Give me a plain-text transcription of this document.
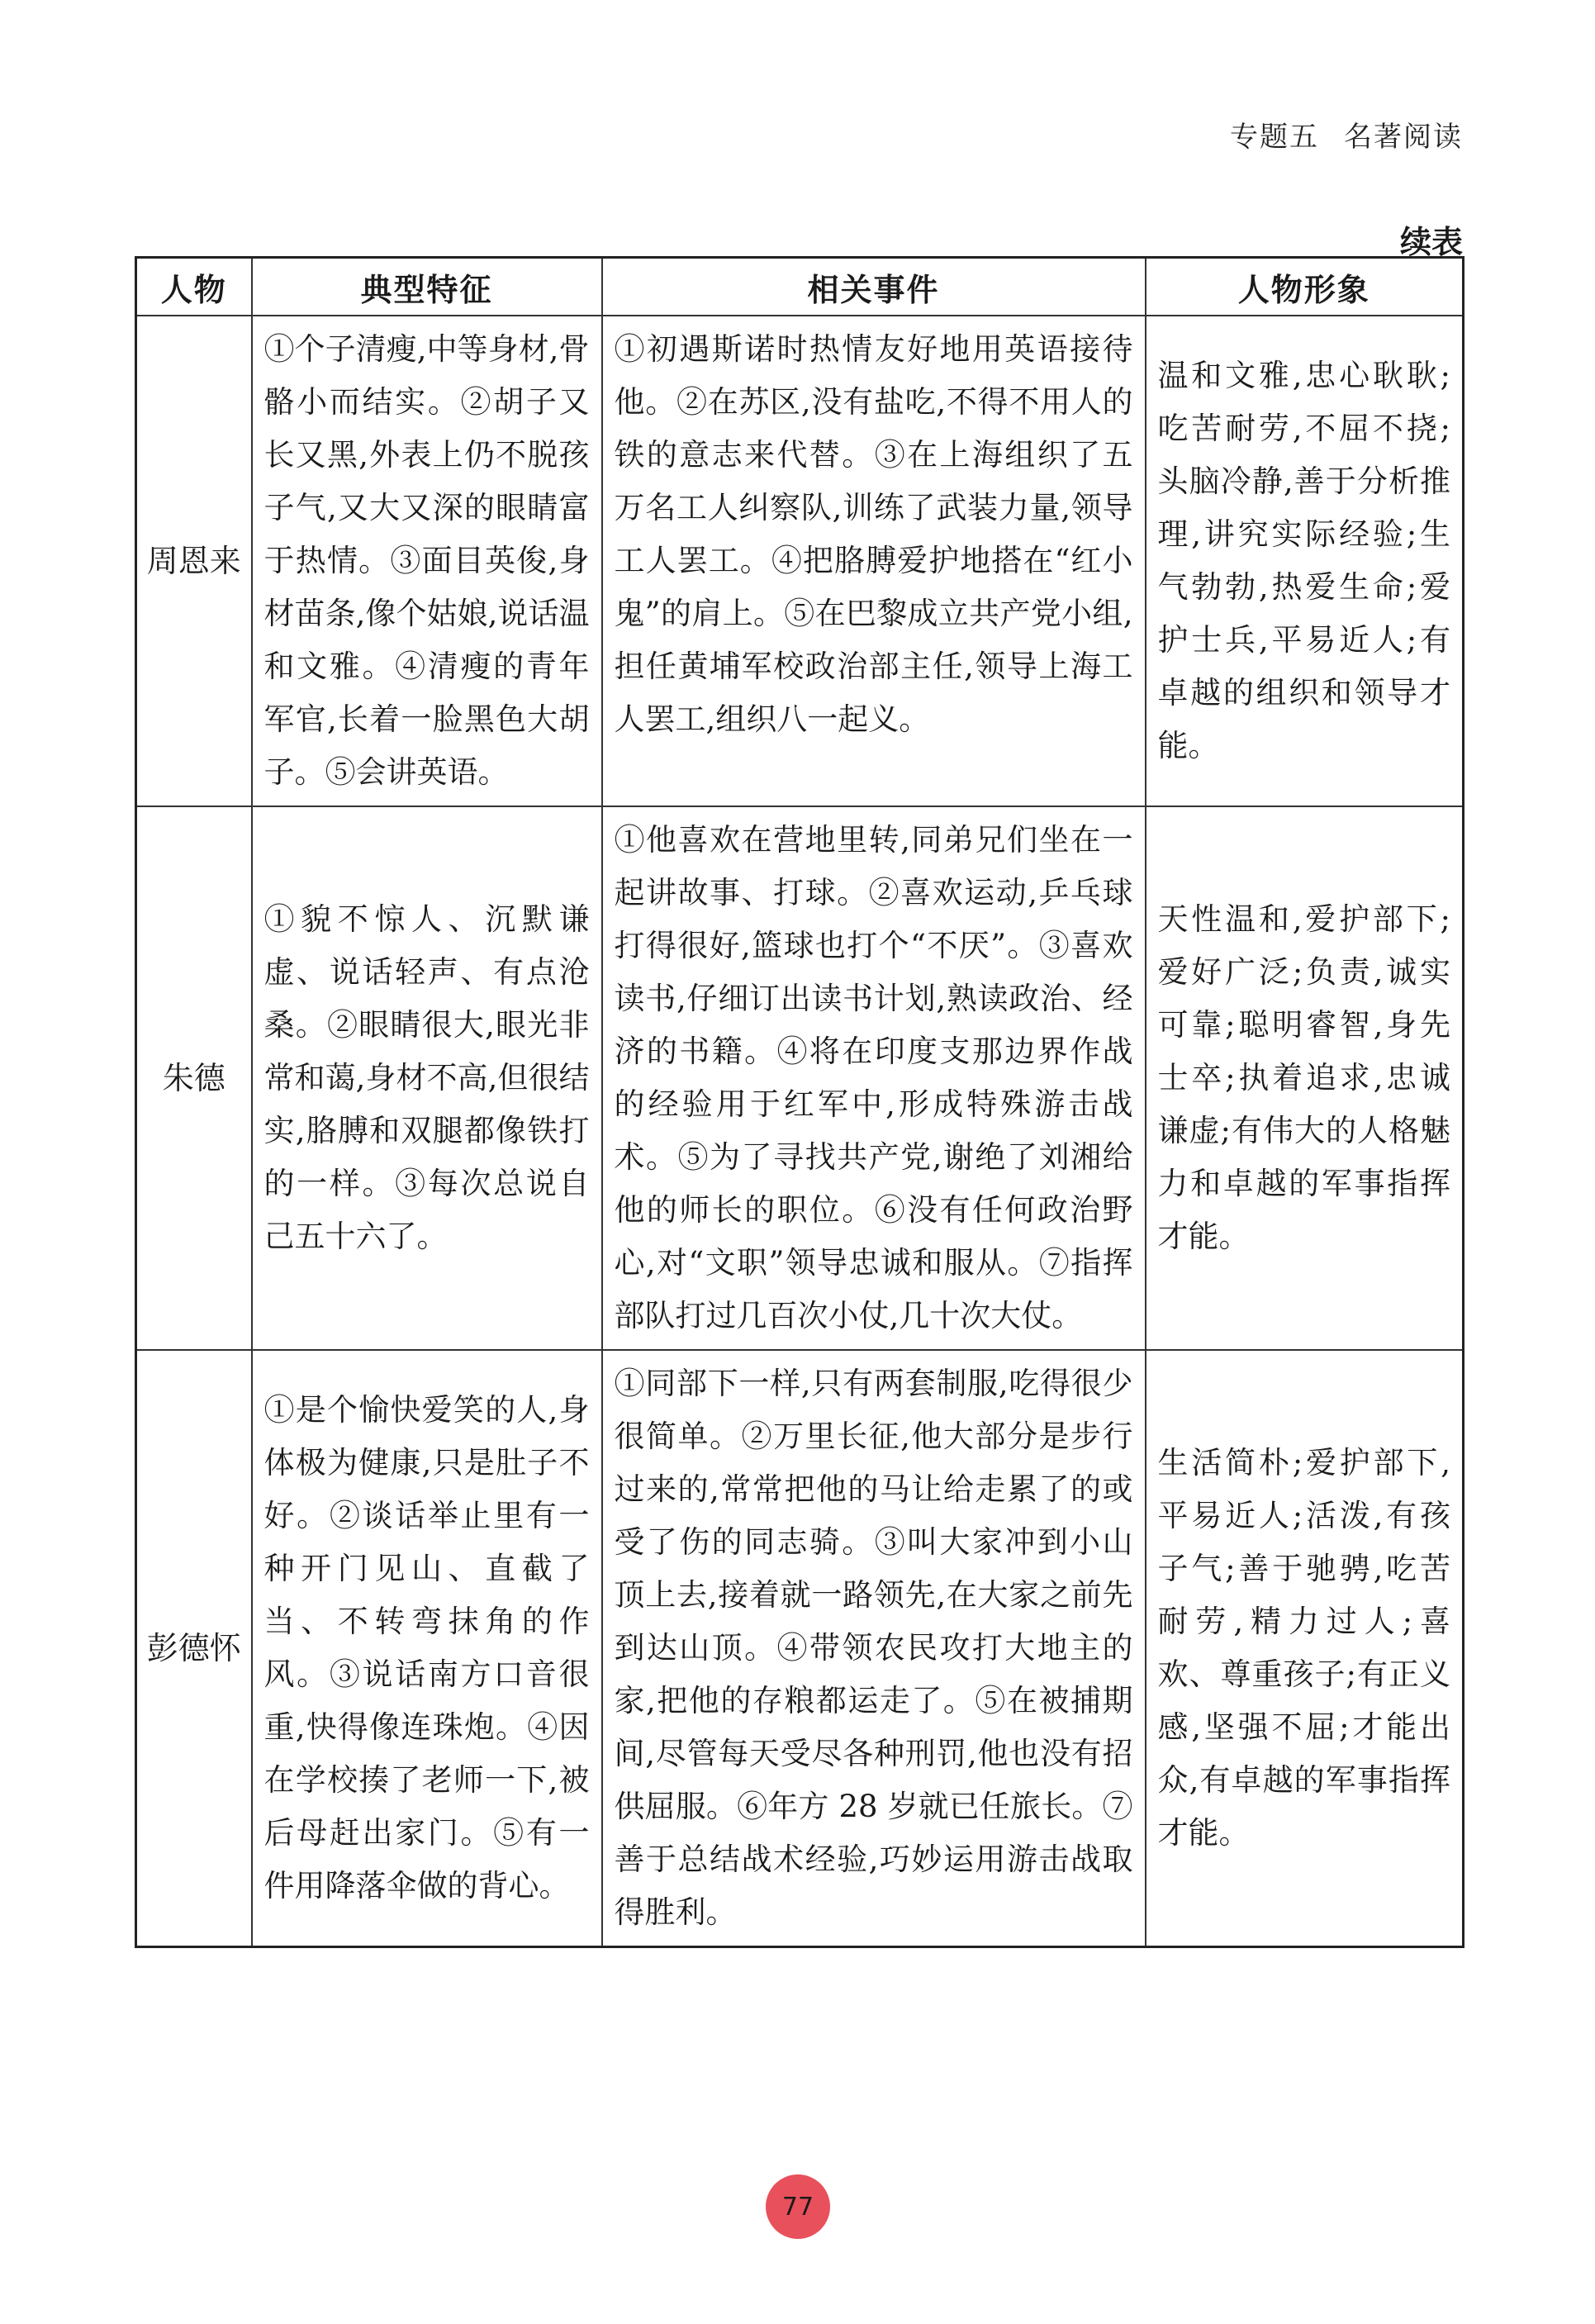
专题五 名著阅读
续表
人物	典型特征	相关事件	人物形象
周恩来	①个子清瘦,中等身材,骨骼小而结实。②胡子又长又黑,外表上仍不脱孩子气,又大又深的眼睛富于热情。③面目英俊,身材苗条,像个姑娘,说话温和文雅。④清瘦的青年军官,长着一脸黑色大胡子。⑤会讲英语。	①初遇斯诺时热情友好地用英语接待他。②在苏区,没有盐吃,不得不用人的铁的意志来代替。③在上海组织了五万名工人纠察队,训练了武装力量,领导工人罢工。④把胳膊爱护地搭在“红小鬼”的肩上。⑤在巴黎成立共产党小组,担任黄埔军校政治部主任,领导上海工人罢工,组织八一起义。	温和文雅,忠心耿耿;吃苦耐劳,不屈不挠;头脑冷静,善于分析推理,讲究实际经验;生气勃勃,热爱生命;爱护士兵,平易近人;有卓越的组织和领导才能。
朱德	①貌不惊人、沉默谦虚、说话轻声、有点沧桑。②眼睛很大,眼光非常和蔼,身材不高,但很结实,胳膊和双腿都像铁打的一样。③每次总说自己五十六了。	①他喜欢在营地里转,同弟兄们坐在一起讲故事、打球。②喜欢运动,乒乓球打得很好,篮球也打个“不厌”。③喜欢读书,仔细订出读书计划,熟读政治、经济的书籍。④将在印度支那边界作战的经验用于红军中,形成特殊游击战术。⑤为了寻找共产党,谢绝了刘湘给他的师长的职位。⑥没有任何政治野心,对“文职”领导忠诚和服从。⑦指挥部队打过几百次小仗,几十次大仗。	天性温和,爱护部下;爱好广泛;负责,诚实可靠;聪明睿智,身先士卒;执着追求,忠诚谦虚;有伟大的人格魅力和卓越的军事指挥才能。
彭德怀	①是个愉快爱笑的人,身体极为健康,只是肚子不好。②谈话举止里有一种开门见山、直截了当、不转弯抹角的作风。③说话南方口音很重,快得像连珠炮。④因在学校揍了老师一下,被后母赶出家门。⑤有一件用降落伞做的背心。	①同部下一样,只有两套制服,吃得很少很简单。②万里长征,他大部分是步行过来的,常常把他的马让给走累了的或受了伤的同志骑。③叫大家冲到小山顶上去,接着就一路领先,在大家之前先到达山顶。④带领农民攻打大地主的家,把他的存粮都运走了。⑤在被捕期间,尽管每天受尽各种刑罚,他也没有招供屈服。⑥年方 28 岁就已任旅长。⑦善于总结战术经验,巧妙运用游击战取得胜利。	生活简朴;爱护部下,平易近人;活泼,有孩子气;善于驰骋,吃苦耐劳,精力过人;喜欢、尊重孩子;有正义感,坚强不屈;才能出众,有卓越的军事指挥才能。
77
